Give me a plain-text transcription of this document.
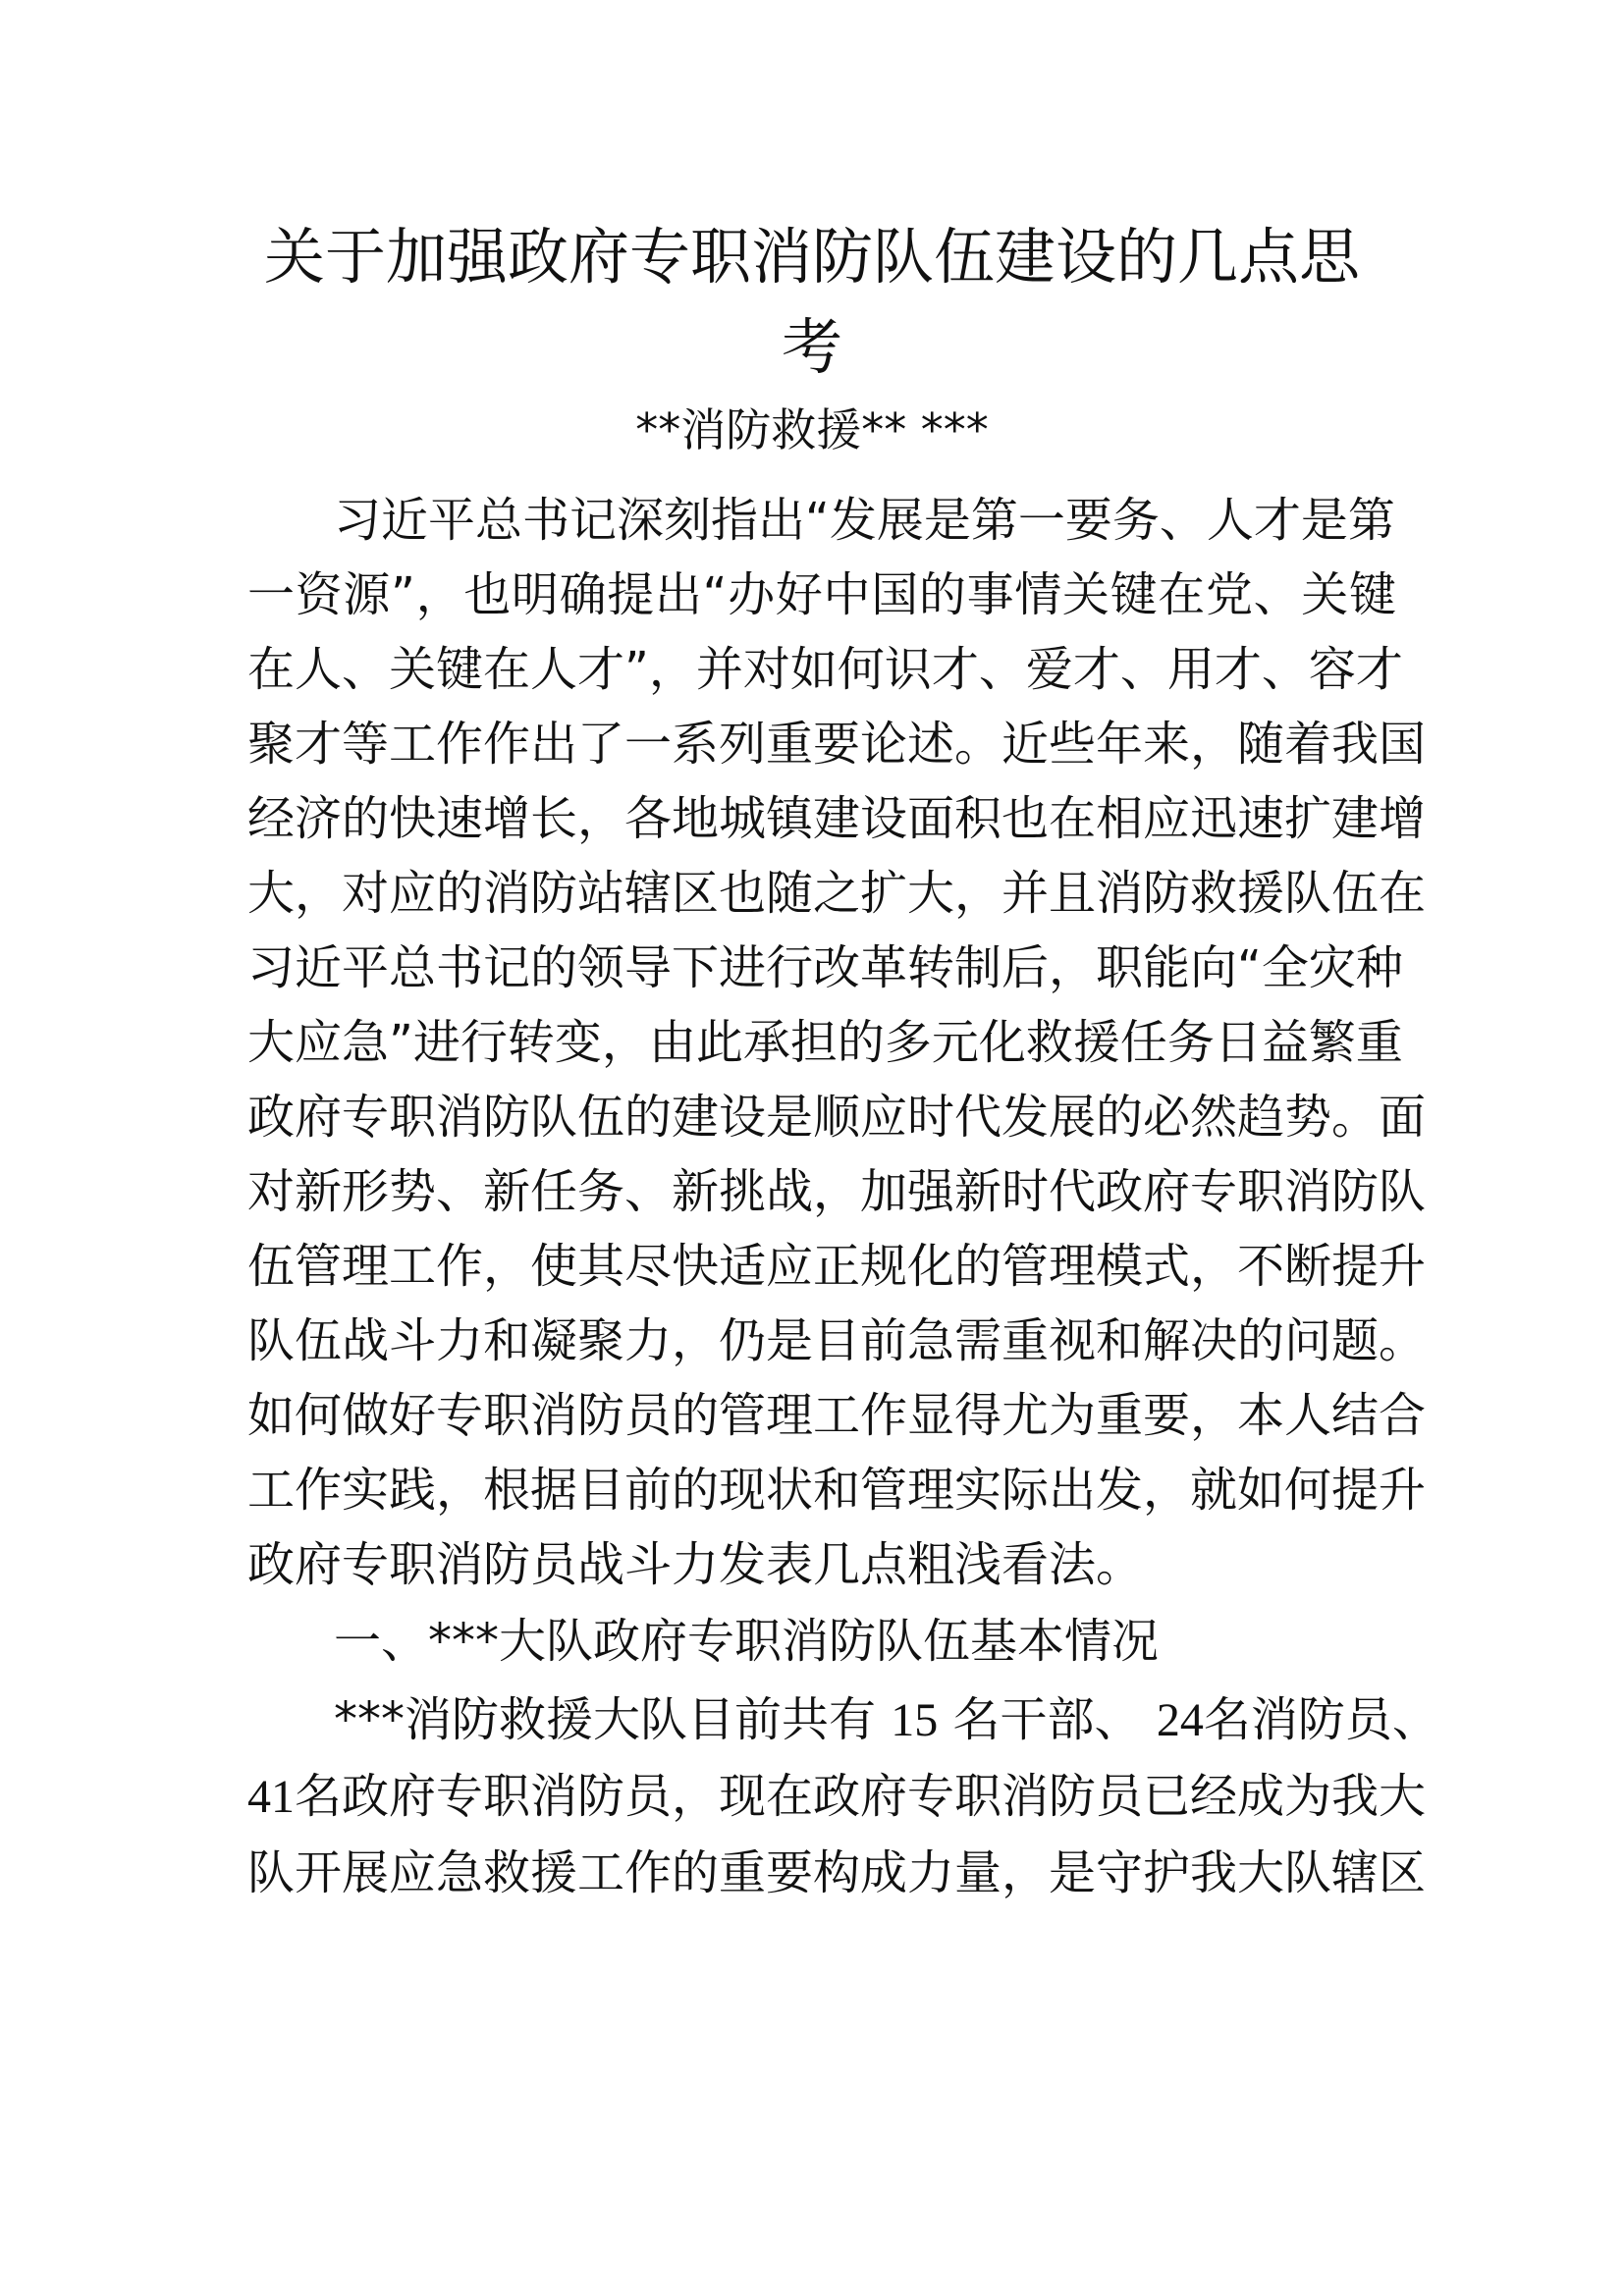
关于加强政府专职消防队伍建设的几点思
考
**消防救援** ***
习近平总书记深刻指出“发展是第一要务、人才是第
一资源”，也明确提出“办好中国的事情关键在党、关键
在人、关键在人才”，并对如何识才、爱才、用才、容才
聚才等工作作出了一系列重要论述。近些年来，随着我国
经济的快速增长，各地城镇建设面积也在相应迅速扩建增
大，对应的消防站辖区也随之扩大，并且消防救援队伍在
习近平总书记的领导下进行改革转制后，职能向“全灾种
大应急”进行转变，由此承担的多元化救援任务日益繁重
政府专职消防队伍的建设是顺应时代发展的必然趋势。面
对新形势、新任务、新挑战，加强新时代政府专职消防队
伍管理工作，使其尽快适应正规化的管理模式，不断提升
队伍战斗力和凝聚力，仍是目前急需重视和解决的问题。
如何做好专职消防员的管理工作显得尤为重要，本人结合
工作实践，根据目前的现状和管理实际出发，就如何提升
政府专职消防员战斗力发表几点粗浅看法。
一、***大队政府专职消防队伍基本情况
***消防救援大队目前共有 15 名干部、 24名消防员、
41名政府专职消防员，现在政府专职消防员已经成为我大
队开展应急救援工作的重要构成力量，是守护我大队辖区
